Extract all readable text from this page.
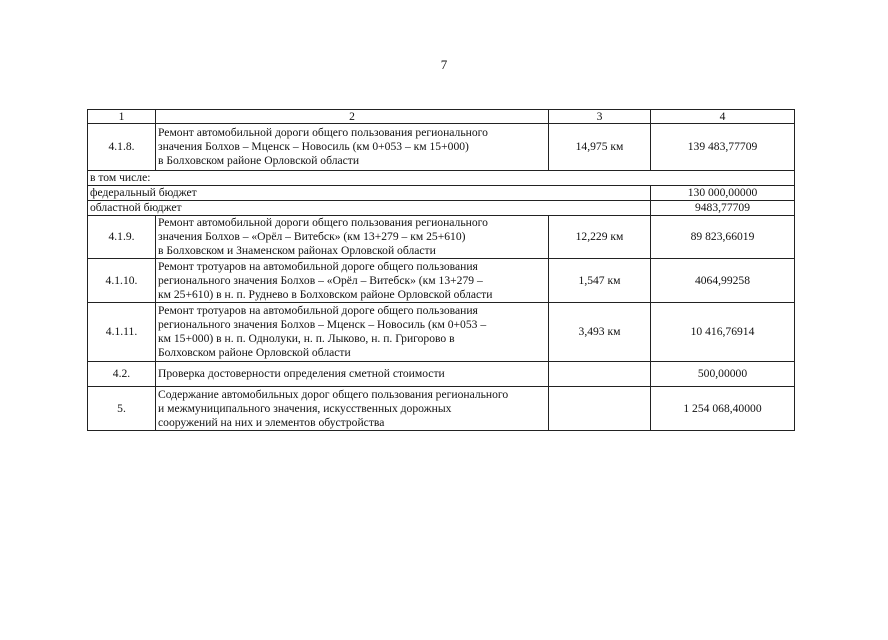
7
1	2	3	4
4.1.8.	Ремонт автомобильной дороги общего пользования регионального
значения Болхов – Мценск – Новосиль (км 0+053 – км 15+000)
в Болховском районе Орловской области	14,975 км	139 483,77709
в том числе:			
федеральный бюджет			130 000,00000
областной бюджет			9483,77709
4.1.9.	Ремонт автомобильной дороги общего пользования регионального
значения Болхов – «Орёл – Витебск» (км 13+279 – км 25+610)
в Болховском и Знаменском районах Орловской области	12,229 км	89 823,66019
4.1.10.	Ремонт тротуаров на автомобильной дороге общего пользования
регионального значения Болхов – «Орёл – Витебск» (км 13+279 –
км 25+610) в н. п. Руднево в Болховском районе Орловской области	1,547 км	4064,99258
4.1.11.	Ремонт тротуаров на автомобильной дороге общего пользования
регионального значения Болхов – Мценск – Новосиль (км 0+053 –
км 15+000) в н. п. Однолуки, н. п. Лыково, н. п. Григорово в
Болховском районе Орловской области	3,493 км	10 416,76914
4.2.	Проверка достоверности определения сметной стоимости		500,00000
5.	Содержание автомобильных дорог общего пользования регионального
и межмуниципального значения, искусственных дорожных
сооружений на них и элементов обустройства		1 254 068,40000
